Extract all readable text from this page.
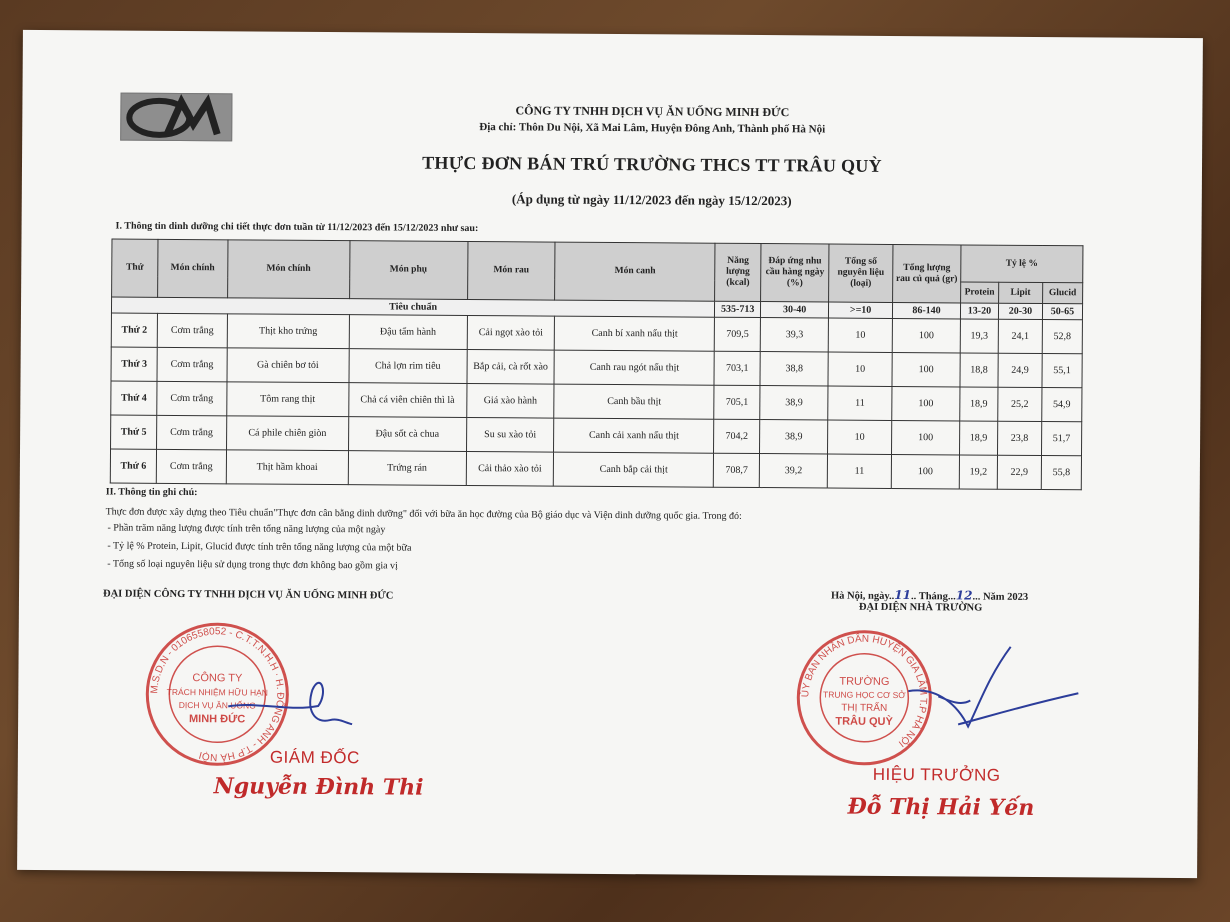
CÔNG TY TNHH DỊCH VỤ ĂN UỐNG MINH ĐỨC
Địa chỉ: Thôn Du Nội, Xã Mai Lâm, Huyện Đông Anh, Thành phố Hà Nội
THỰC ĐƠN BÁN TRÚ TRƯỜNG THCS TT TRÂU QUỲ
(Áp dụng từ ngày 11/12/2023 đến ngày 15/12/2023)
I. Thông tin dinh dưỡng chi tiết thực đơn tuần từ 11/12/2023 đến 15/12/2023 như sau:
Thứ	Món chính	Món chính	Món phụ	Món rau	Món canh	Năng lượng (kcal)	Đáp ứng nhu cầu hàng ngày (%)	Tổng số nguyên liệu (loại)	Tổng lượng rau củ quả (gr)	Tỷ lệ %		
										Protein	Lipit	Glucid
Tiêu chuẩn						535-713	30-40	>=10	86-140	13-20	20-30	50-65
Thứ 2	Cơm trắng	Thịt kho trứng	Đậu tẩm hành	Cải ngọt xào tỏi	Canh bí xanh nấu thịt	709,5	39,3	10	100	19,3	24,1	52,8
Thứ 3	Cơm trắng	Gà chiên bơ tỏi	Chả lợn rim tiêu	Bắp cải, cà rốt xào	Canh rau ngót nấu thịt	703,1	38,8	10	100	18,8	24,9	55,1
Thứ 4	Cơm trắng	Tôm rang thịt	Chả cá viên chiên thì là	Giá xào hành	Canh bầu thịt	705,1	38,9	11	100	18,9	25,2	54,9
Thứ 5	Cơm trắng	Cá phile chiên giòn	Đậu sốt cà chua	Su su xào tỏi	Canh cải xanh nấu thịt	704,2	38,9	10	100	18,9	23,8	51,7
Thứ 6	Cơm trắng	Thịt hầm khoai	Trứng rán	Cải thảo xào tỏi	Canh bắp cải thịt	708,7	39,2	11	100	19,2	22,9	55,8
II. Thông tin ghi chú:
Thực đơn được xây dựng theo Tiêu chuẩn"Thực đơn cân bằng dinh dưỡng" đối với bữa ăn học đường của Bộ giáo dục và Viện dinh dưỡng quốc gia. Trong đó:
- Phần trăm năng lượng được tính trên tổng năng lượng của một ngày
- Tỷ lệ % Protein, Lipit, Glucid được tính trên tổng năng lượng của một bữa
- Tổng số loại nguyên liệu sử dụng trong thực đơn không bao gồm gia vị
ĐẠI DIỆN CÔNG TY TNHH DỊCH VỤ ĂN UỐNG MINH ĐỨC	Hà Nội, ngày..11.. Tháng...12... Năm 2023
ĐẠI DIỆN NHÀ TRƯỜNG
M.S.D.N - 0106558052 - C.T.T.N.H.H · H. ĐÔNG ANH - T.P HÀ NỘI
CÔNG TY
TRÁCH NHIỆM HỮU HẠN
DỊCH VỤ ĂN UỐNG
MINH ĐỨC
GIÁM ĐỐC
Nguyễn Đình Thi
ỦY BAN NHÂN DÂN HUYỆN GIA LÂM T.P HÀ NỘI
TRƯỜNG
TRUNG HỌC CƠ SỞ
THỊ TRẤN
TRÂU QUỲ
HIỆU TRƯỞNG
Đỗ Thị Hải Yến
